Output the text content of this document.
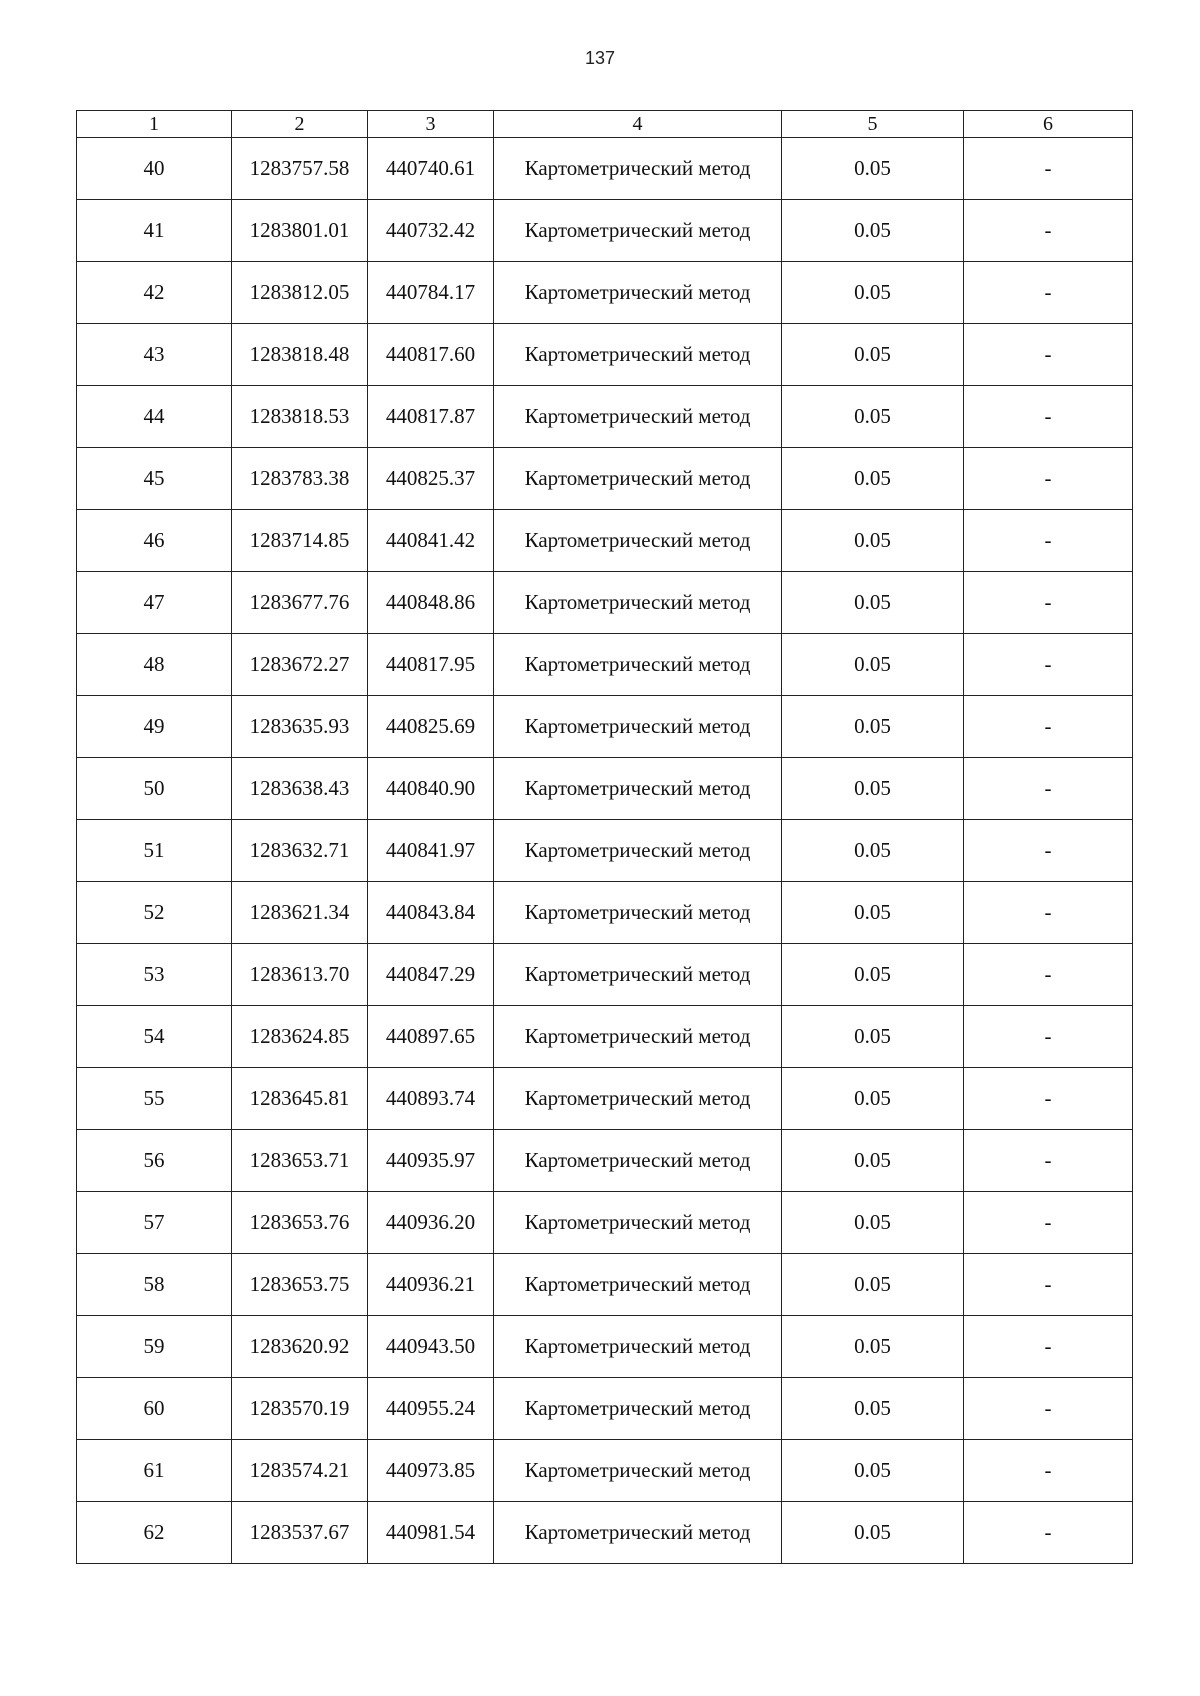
137
1	2	3	4	5	6
40	1283757.58	440740.61	Картометрический метод	0.05	-
41	1283801.01	440732.42	Картометрический метод	0.05	-
42	1283812.05	440784.17	Картометрический метод	0.05	-
43	1283818.48	440817.60	Картометрический метод	0.05	-
44	1283818.53	440817.87	Картометрический метод	0.05	-
45	1283783.38	440825.37	Картометрический метод	0.05	-
46	1283714.85	440841.42	Картометрический метод	0.05	-
47	1283677.76	440848.86	Картометрический метод	0.05	-
48	1283672.27	440817.95	Картометрический метод	0.05	-
49	1283635.93	440825.69	Картометрический метод	0.05	-
50	1283638.43	440840.90	Картометрический метод	0.05	-
51	1283632.71	440841.97	Картометрический метод	0.05	-
52	1283621.34	440843.84	Картометрический метод	0.05	-
53	1283613.70	440847.29	Картометрический метод	0.05	-
54	1283624.85	440897.65	Картометрический метод	0.05	-
55	1283645.81	440893.74	Картометрический метод	0.05	-
56	1283653.71	440935.97	Картометрический метод	0.05	-
57	1283653.76	440936.20	Картометрический метод	0.05	-
58	1283653.75	440936.21	Картометрический метод	0.05	-
59	1283620.92	440943.50	Картометрический метод	0.05	-
60	1283570.19	440955.24	Картометрический метод	0.05	-
61	1283574.21	440973.85	Картометрический метод	0.05	-
62	1283537.67	440981.54	Картометрический метод	0.05	-
